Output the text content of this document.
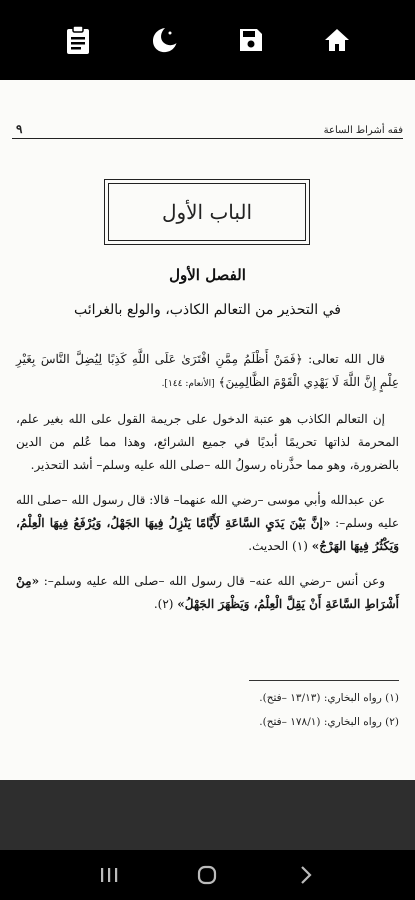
٩	فقه أشراط الساعة
الباب الأول
الفصل الأول
في التحذير من التعالم الكاذب، والولع بالغرائب

قال الله تعالى: ﴿فَمَنْ أَظْلَمُ مِمَّنِ افْتَرَىٰ عَلَى اللَّهِ كَذِبًا لِيُضِلَّ النَّاسَ بِغَيْرِ عِلْمٍ إِنَّ اللَّهَ لَا يَهْدِي الْقَوْمَ الظَّالِمِينَ﴾ [الأنعام: ١٤٤].

إن التعالم الكاذب هو عتبة الدخول على جريمة القول على الله بغير علم، المحرمة لذاتها تحريمًا أبديًا في جميع الشرائع، وهذا مما عُلم من الدين بالضرورة، وهو مما حذَّرناه رسولُ الله –صلى الله عليه وسلم– أشد التحذير.

عن عبدالله وأبي موسى –رضي الله عنهما– قالا: قال رسول الله –صلى الله عليه وسلم–: «إنَّ بَيْنَ يَدَيِ السَّاعَةِ لَأَيَّامًا يَنْزِلُ فِيهَا الجَهْلُ، وَيُرْفَعُ فِيهَا الْعِلْمُ، وَيَكْثُرُ فِيهَا الهَرْجُ» (١) الحديث.

وعن أنس –رضي الله عنه– قال رسول الله –صلى الله عليه وسلم–: «مِنْ أَشْرَاطِ السَّاعَةِ أَنْ يَقِلَّ الْعِلْمُ، وَيَظْهَرَ الجَهْلُ» (٢).

(١) رواه البخاري: (١٣/١٣ –فتح).
(٢) رواه البخاري: (١٧٨/١ –فتح).
